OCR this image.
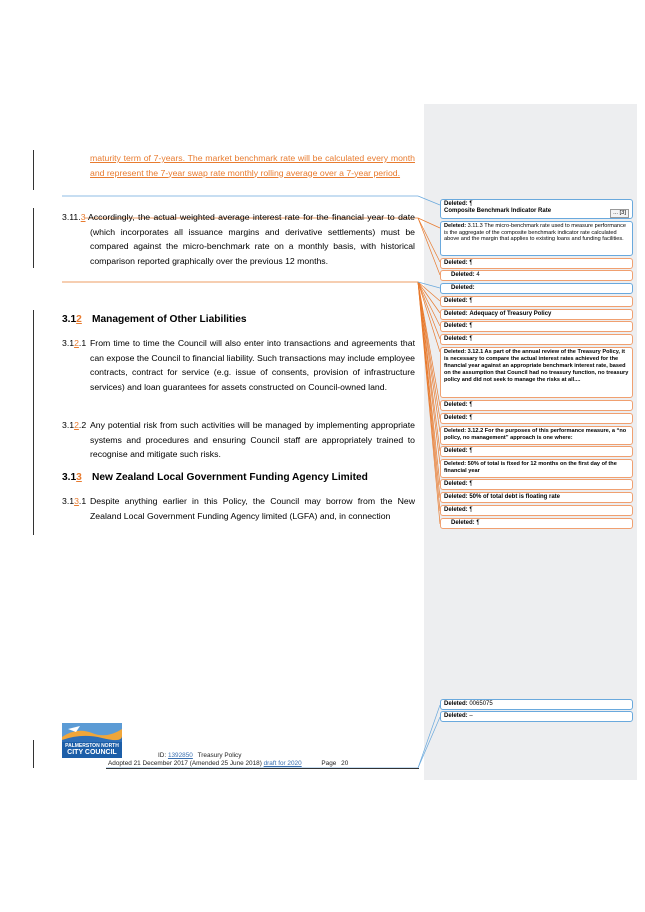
maturity term of 7-years. The market benchmark rate will be calculated every month and represent the 7-year swap rate monthly rolling average over a 7-year period.
3.11.3 Accordingly, the actual weighted average interest rate for the financial year to date (which incorporates all issuance margins and derivative settlements) must be compared against the micro-benchmark rate on a monthly basis, with historical comparison reported graphically over the previous 12 months.
3.12 Management of Other Liabilities
3.12.1 From time to time the Council will also enter into transactions and agreements that can expose the Council to financial liability. Such transactions may include employee contracts, contract for service (e.g. issue of consents, provision of infrastructure services) and loan guarantees for assets constructed on Council-owned land.
3.12.2 Any potential risk from such activities will be managed by implementing appropriate systems and procedures and ensuring Council staff are appropriately trained to recognise and mitigate such risks.
3.13 New Zealand Local Government Funding Agency Limited
3.13.1 Despite anything earlier in this Policy, the Council may borrow from the New Zealand Local Government Funding Agency limited (LGFA) and, in connection
Deleted: ¶
Composite Benchmark Indicator Rate	... [3]
Deleted: 3.11.3 The micro-benchmark rate used to measure performance is the aggregate of the composite benchmark indicator rate calculated above and the margin that applies to existing loans and funding facilities.
Deleted: ¶
Deleted: 4
Deleted:
Deleted: ¶
Deleted: Adequacy of Treasury Policy
Deleted: ¶
Deleted: ¶
Deleted: 3.12.1 As part of the annual review of the Treasury Policy, it is necessary to compare the actual interest rates achieved for the financial year against an appropriate benchmark interest rate, based on the assumption that Council had no treasury function, no treasury policy and did not seek to manage the risks at all....
Deleted: ¶
Deleted: ¶
Deleted: 3.12.2 For the purposes of this performance measure, a “no policy, no management” approach is one where:
Deleted: ¶
Deleted: 50% of total is fixed for 12 months on the first day of the financial year
Deleted: ¶
Deleted: 50% of total debt is floating rate
Deleted: ¶
Deleted: ¶
Deleted: 0065075
Deleted: –
PALMERSTON NORTH
CITY COUNCIL	ID: 1392850 Treasury Policy
Adopted 21 December 2017 (Amended 25 June 2018) draft for 2020	Page 20
